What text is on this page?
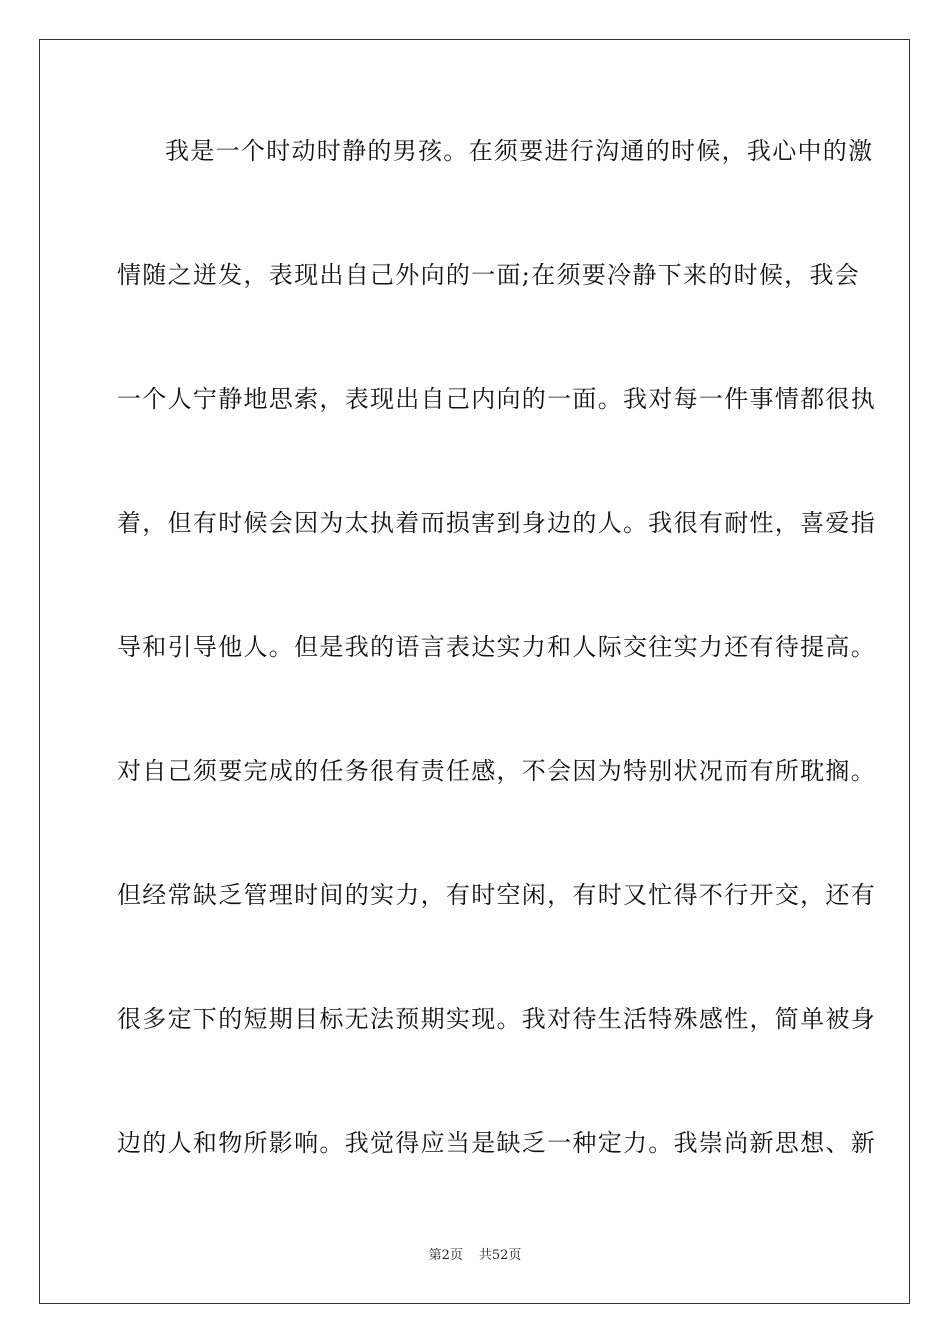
我是一个时动时静的男孩。在须要进行沟通的时候，我心中的激
情随之迸发，表现出自己外向的一面;在须要冷静下来的时候，我会
一个人宁静地思索，表现出自己内向的一面。我对每一件事情都很执
着，但有时候会因为太执着而损害到身边的人。我很有耐性，喜爱指
导和引导他人。但是我的语言表达实力和人际交往实力还有待提高。
对自己须要完成的任务很有责任感，不会因为特别状况而有所耽搁。
但经常缺乏管理时间的实力，有时空闲，有时又忙得不行开交，还有
很多定下的短期目标无法预期实现。我对待生活特殊感性，简单被身
边的人和物所影响。我觉得应当是缺乏一种定力。我崇尚新思想、新
第2页 共52页
